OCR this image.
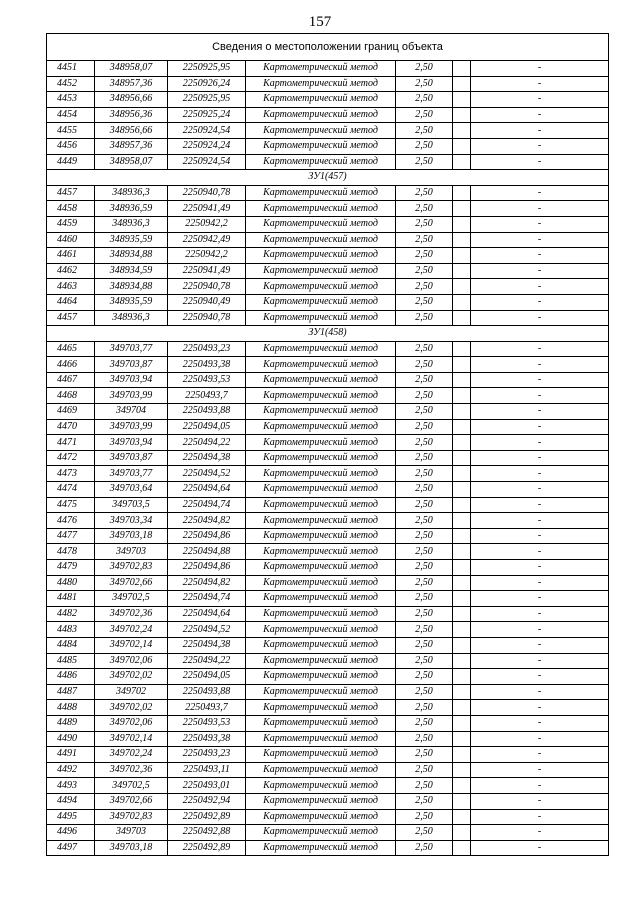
157
Сведения о местоположении границ объекта						
4451	348958,07	2250925,95	Картометрический метод	2,50		-
4452	348957,36	2250926,24	Картометрический метод	2,50		-
4453	348956,66	2250925,95	Картометрический метод	2,50		-
4454	348956,36	2250925,24	Картометрический метод	2,50		-
4455	348956,66	2250924,54	Картометрический метод	2,50		-
4456	348957,36	2250924,24	Картометрический метод	2,50		-
4449	348958,07	2250924,54	Картометрический метод	2,50		-
ЗУ1(457)						
4457	348936,3	2250940,78	Картометрический метод	2,50		-
4458	348936,59	2250941,49	Картометрический метод	2,50		-
4459	348936,3	2250942,2	Картометрический метод	2,50		-
4460	348935,59	2250942,49	Картометрический метод	2,50		-
4461	348934,88	2250942,2	Картометрический метод	2,50		-
4462	348934,59	2250941,49	Картометрический метод	2,50		-
4463	348934,88	2250940,78	Картометрический метод	2,50		-
4464	348935,59	2250940,49	Картометрический метод	2,50		-
4457	348936,3	2250940,78	Картометрический метод	2,50		-
ЗУ1(458)						
4465	349703,77	2250493,23	Картометрический метод	2,50		-
4466	349703,87	2250493,38	Картометрический метод	2,50		-
4467	349703,94	2250493,53	Картометрический метод	2,50		-
4468	349703,99	2250493,7	Картометрический метод	2,50		-
4469	349704	2250493,88	Картометрический метод	2,50		-
4470	349703,99	2250494,05	Картометрический метод	2,50		-
4471	349703,94	2250494,22	Картометрический метод	2,50		-
4472	349703,87	2250494,38	Картометрический метод	2,50		-
4473	349703,77	2250494,52	Картометрический метод	2,50		-
4474	349703,64	2250494,64	Картометрический метод	2,50		-
4475	349703,5	2250494,74	Картометрический метод	2,50		-
4476	349703,34	2250494,82	Картометрический метод	2,50		-
4477	349703,18	2250494,86	Картометрический метод	2,50		-
4478	349703	2250494,88	Картометрический метод	2,50		-
4479	349702,83	2250494,86	Картометрический метод	2,50		-
4480	349702,66	2250494,82	Картометрический метод	2,50		-
4481	349702,5	2250494,74	Картометрический метод	2,50		-
4482	349702,36	2250494,64	Картометрический метод	2,50		-
4483	349702,24	2250494,52	Картометрический метод	2,50		-
4484	349702,14	2250494,38	Картометрический метод	2,50		-
4485	349702,06	2250494,22	Картометрический метод	2,50		-
4486	349702,02	2250494,05	Картометрический метод	2,50		-
4487	349702	2250493,88	Картометрический метод	2,50		-
4488	349702,02	2250493,7	Картометрический метод	2,50		-
4489	349702,06	2250493,53	Картометрический метод	2,50		-
4490	349702,14	2250493,38	Картометрический метод	2,50		-
4491	349702,24	2250493,23	Картометрический метод	2,50		-
4492	349702,36	2250493,11	Картометрический метод	2,50		-
4493	349702,5	2250493,01	Картометрический метод	2,50		-
4494	349702,66	2250492,94	Картометрический метод	2,50		-
4495	349702,83	2250492,89	Картометрический метод	2,50		-
4496	349703	2250492,88	Картометрический метод	2,50		-
4497	349703,18	2250492,89	Картометрический метод	2,50		-
